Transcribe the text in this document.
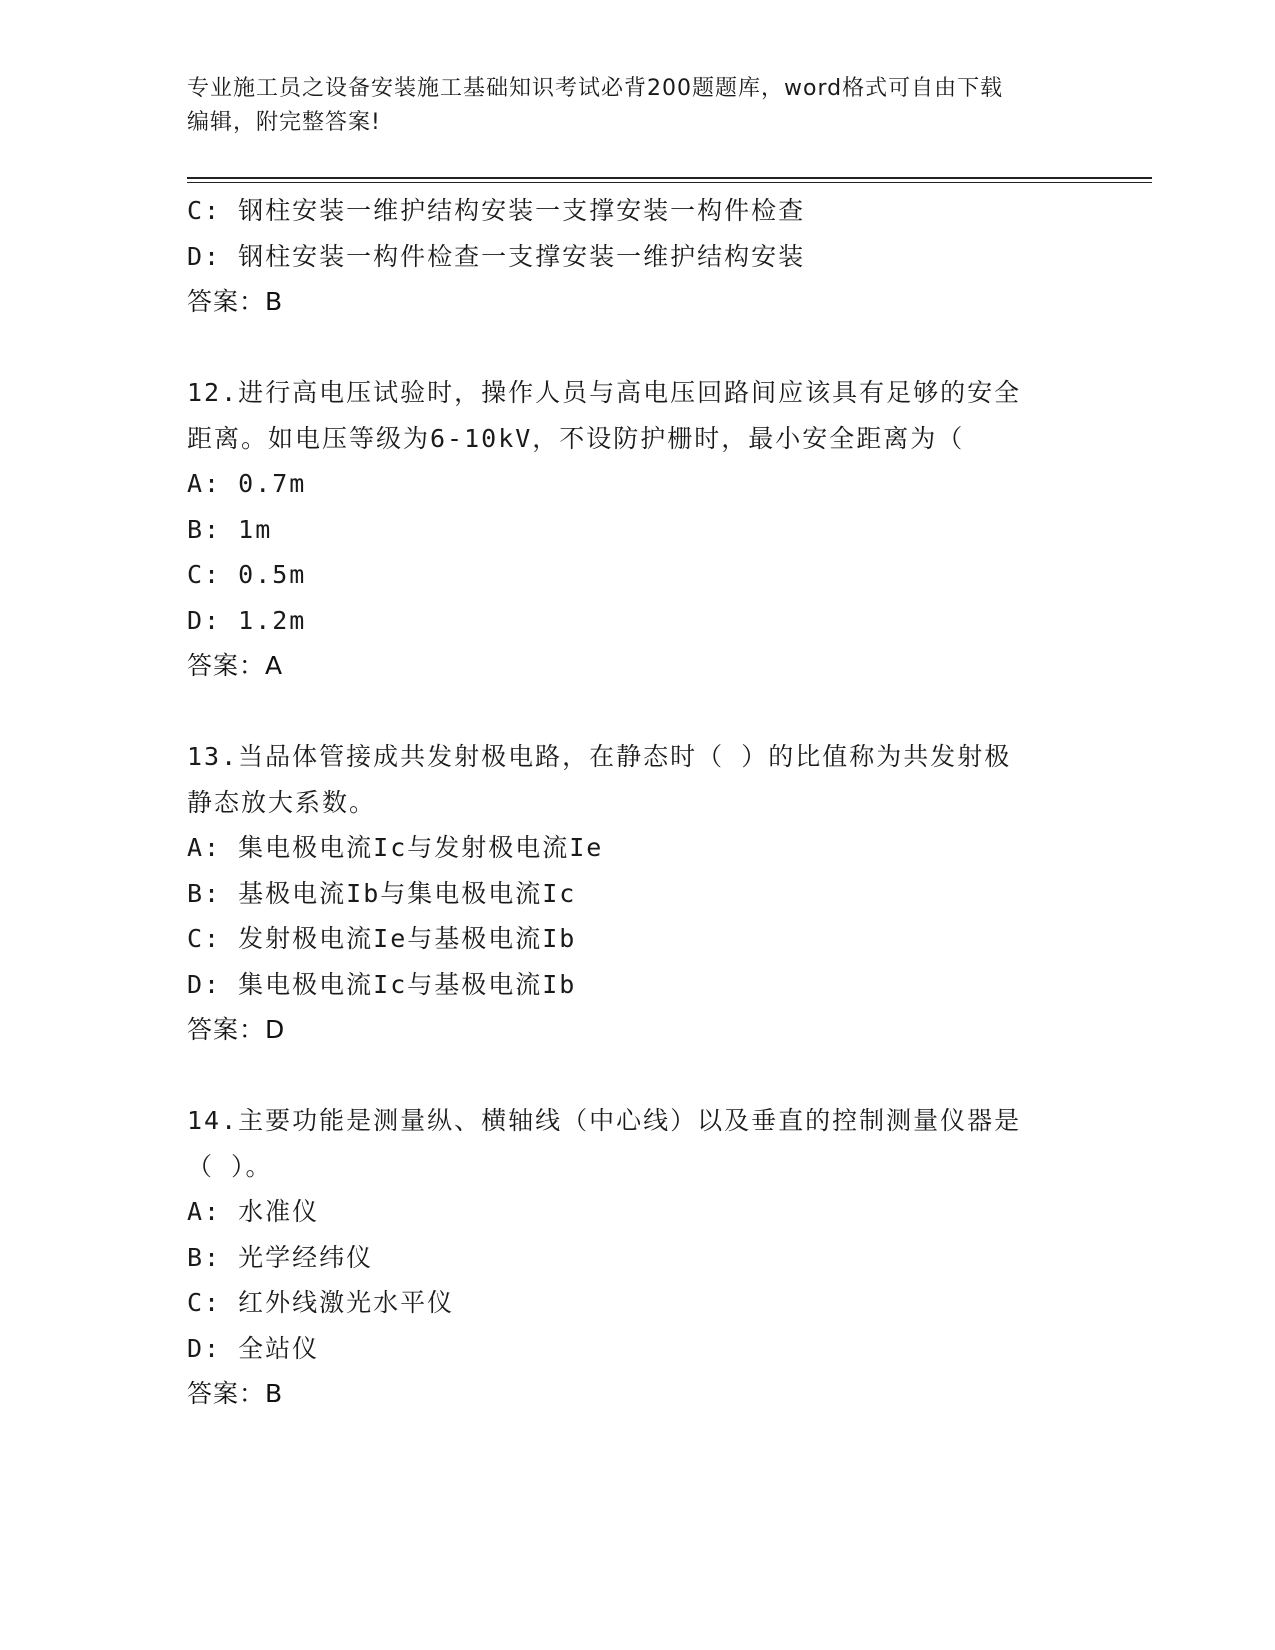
专业施工员之设备安装施工基础知识考试必背200题题库，word格式可自由下载
编辑，附完整答案!
C: 钢柱安装一维护结构安装一支撑安装一构件检查
D: 钢柱安装一构件检查一支撑安装一维护结构安装
答案：B
12.进行高电压试验时，操作人员与高电压回路间应该具有足够的安全
距离。如电压等级为6-10kV，不设防护栅时，最小安全距离为（
A: 0.7m
B: 1m
C: 0.5m
D: 1.2m
答案：A
13.当品体管接成共发射极电路，在静态时（ ）的比值称为共发射极
静态放大系数。
A: 集电极电流Ic与发射极电流Ie
B: 基极电流Ib与集电极电流Ic
C: 发射极电流Ie与基极电流Ib
D: 集电极电流Ic与基极电流Ib
答案：D
14.主要功能是测量纵、横轴线（中心线）以及垂直的控制测量仪器是
（ ）。
A: 水准仪
B: 光学经纬仪
C: 红外线激光水平仪
D: 全站仪
答案：B
